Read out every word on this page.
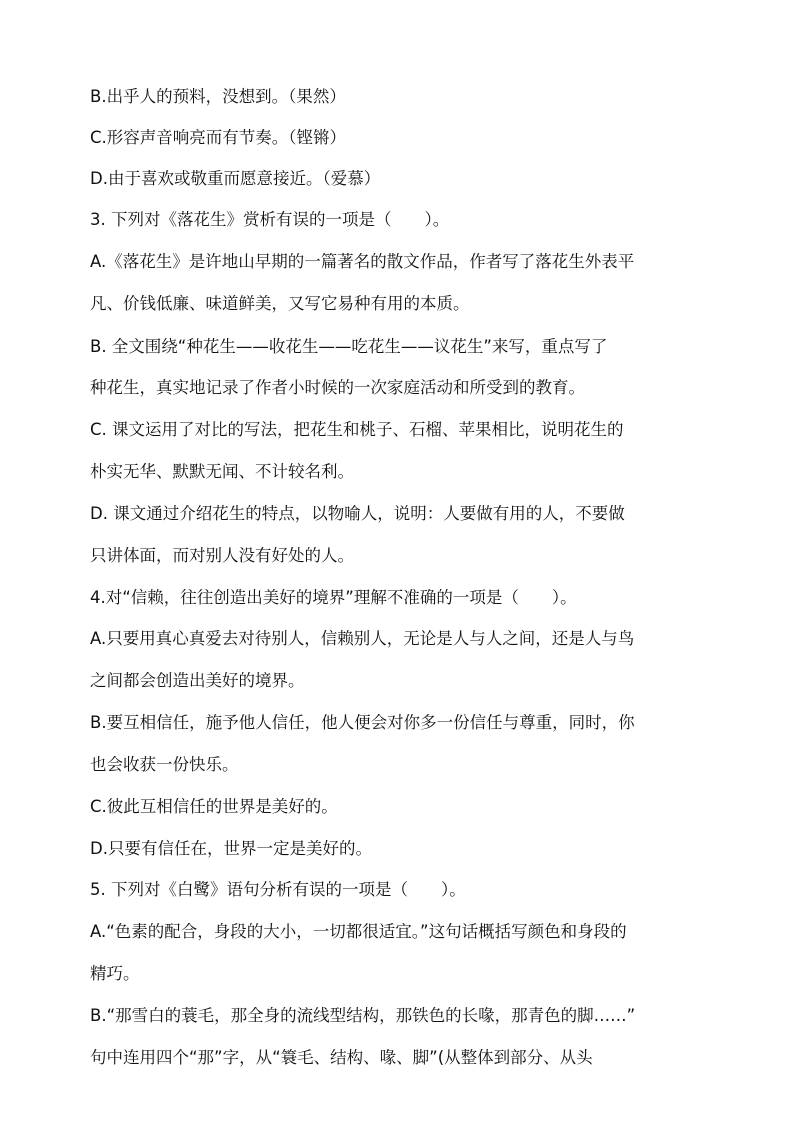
B.出乎人的预料，没想到。（果然）
C.形容声音响亮而有节奏。（铿锵）
D.由于喜欢或敬重而愿意接近。（爱慕）
3. 下列对《落花生》赏析有误的一项是（　　）。
A.《落花生》是许地山早期的一篇著名的散文作品，作者写了落花生外表平
凡、价钱低廉、味道鲜美，又写它易种有用的本质。
B. 全文围绕“种花生——收花生——吃花生——议花生”来写，重点写了
种花生，真实地记录了作者小时候的一次家庭活动和所受到的教育。
C. 课文运用了对比的写法，把花生和桃子、石榴、苹果相比，说明花生的
朴实无华、默默无闻、不计较名利。
D. 课文通过介绍花生的特点，以物喻人，说明：人要做有用的人，不要做
只讲体面，而对别人没有好处的人。
4.对“信赖，往往创造出美好的境界”理解不准确的一项是（　　）。
A.只要用真心真爱去对待别人，信赖别人，无论是人与人之间，还是人与鸟
之间都会创造出美好的境界。
B.要互相信任，施予他人信任，他人便会对你多一份信任与尊重，同时，你
也会收获一份快乐。
C.彼此互相信任的世界是美好的。
D.只要有信任在，世界一定是美好的。
5. 下列对《白鹭》语句分析有误的一项是（　　）。
A.“色素的配合，身段的大小，一切都很适宜。”这句话概括写颜色和身段的
精巧。
B.“那雪白的蓑毛，那全身的流线型结构，那铁色的长喙，那青色的脚……”
句中连用四个“那”字，从“簑毛、结构、喙、脚”(从整体到部分、从头
